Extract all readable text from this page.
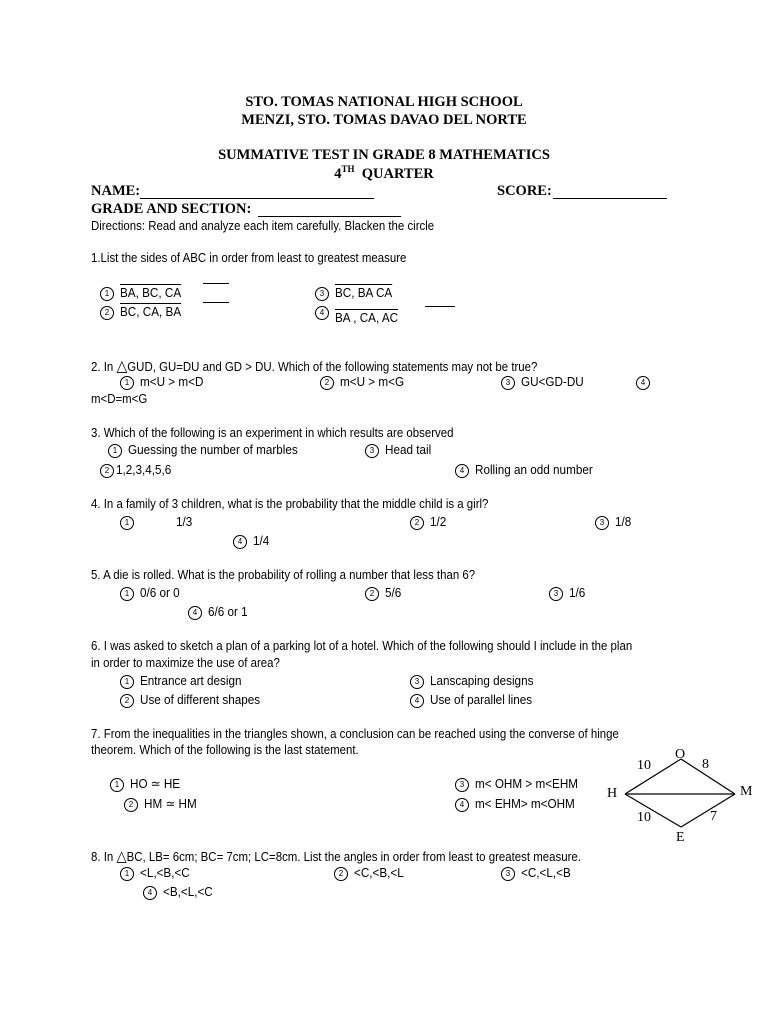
STO. TOMAS NATIONAL HIGH SCHOOL
MENZI, STO. TOMAS DAVAO DEL NORTE
SUMMATIVE TEST IN GRADE 8 MATHEMATICS
4TH QUARTER
NAME:	SCORE:
GRADE AND SECTION:
Directions: Read and analyze each item carefully. Blacken the circle
1.List the sides of ABC in order from least to greatest measure
1 BA, BC, CA
2 BC, CA, BA
3 BC, BA CA
4 BA , CA, AC
2. In △GUD, GU=DU and GD > DU. Which of the following statements may not be true?
1 m<U > m<D	2 m<U > m<G	3 GU<GD-DU	4
m<D=m<G
3. Which of the following is an experiment in which results are observed
1 Guessing the number of marbles
2 1,2,3,4,5,6
3 Head tail
4 Rolling an odd number
4. In a family of 3 children, what is the probability that the middle child is a girl?
1	1/3	2 1/2	3 1/8
4 1/4
5. A die is rolled. What is the probability of rolling a number that less than 6?
1 0/6 or 0	2 5/6	3 1/6
4 6/6 or 1
6. I was asked to sketch a plan of a parking lot of a hotel. Which of the following should I include in the plan
in order to maximize the use of area?
1 Entrance art design
2 Use of different shapes
3 Lanscaping designs
4 Use of parallel lines
7. From the inequalities in the triangles shown, a conclusion can be reached using the converse of hinge
theorem. Which of the following is the last statement.
1 HO ≃ HE
2 HM ≃ HM
3 m< OHM > m<EHM
4 m< EHM> m<OHM
O
H	M
E
10	8
10	7
8. In △BC, LB= 6cm; BC= 7cm; LC=8cm. List the angles in order from least to greatest measure.
1 <L,<B,<C	2 <C,<B,<L	3 <C,<L,<B
4 <B,<L,<C
